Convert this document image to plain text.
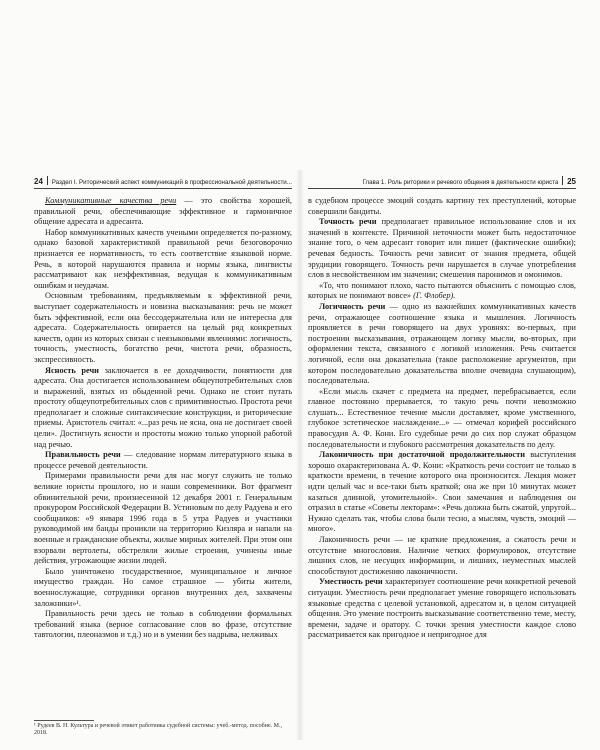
24 Раздел I. Риторический аспект коммуникаций в профессиональной деятельности...	Глава 1. Роль риторики и речевого общения в деятельности юриста 25

Коммуникативные качества речи — это свойства хорошей, правильной речи, обеспечивающие эффективное и гармоничное общение адресата и адресанта.

Набор коммуникативных качеств учеными определяется по-разному, однако базовой характеристикой правильной речи безоговорочно признается ее нормативность, то есть соответствие языковой норме. Речь, в которой нарушаются правила и нормы языка, лингвисты рассматривают как неэффективная, ведущая к коммуникативным ошибкам и неудачам.

Основным требованиям, предъявляемым к эффективной речи, выступает содержательность и новизна высказывания: речь не может быть эффективной, если она бессодержательна или не интересна для адресата. Содержательность опирается на целый ряд конкретных качеств, один из которых связан с неязыковыми явлениями: логичность, точность, уместность, богатство речи, чистота речи, образность, экспрессивность.

Ясность речи заключается в ее доходчивости, понятности для адресата. Она достигается использованием общеупотребительных слов и выражений, взятых из обыденной речи. Однако не стоит путать простоту общеупотребительных слов с примитивностью. Простота речи предполагает и сложные синтаксические конструкции, и риторические приемы. Аристотель считал: «...раз речь не ясна, она не достигает своей цели». Достигнуть ясности и простоты можно только упорной работой над речью.

Правильность речи — следование нормам литературного языка в процессе речевой деятельности.

Примерами правильности речи для нас могут служить не только великие юристы прошлого, но и наши современники. Вот фрагмент обвинительной речи, произнесенной 12 декабря 2001 г. Генеральным прокурором Российской Федерации В. Устиновым по делу Радуева и его сообщников: «9 января 1996 года в 5 утра Радуев и участники руководимой им банды проникли на территорию Кизляра и напали на военные и гражданские объекты, жилые мирных жителей. При этом они взорвали вертолеты, обстреляли жилые строения, учинены иные действия, угрожающие жизни людей.

Было уничтожено государственное, муниципальное и личное имущество граждан. Но самое страшное — убиты жители, военнослужащие, сотрудники органов внутренних дел, захвачены заложники»¹.

Правильность речи здесь не только в соблюдении формальных требований языка (верное согласование слов во фразе, отсутствие тавтологии, плеоназмов и т.д.) но и в умении без надрыва, нелживых

¹ Рудеев В. Н. Культура и речевой этикет работника судебной системы: учеб.-метод. пособие. М., 2018.

в судебном процессе эмоций создать картину тех преступлений, которые совершили бандиты.

Точность речи предполагает правильное использование слов и их значений в контексте. Причиной неточности может быть недостаточное знание того, о чем адресант говорит или пишет (фактические ошибки); речевая бедность. Точность речи зависит от знания предмета, общей эрудиции говорящего. Точность речи нарушается в случае употребления слов в несвойственном им значении; смешения паронимов и омонимов.

«То, что понимают плохо, часто пытаются объяснить с помощью слов, которых не понимают вовсе» (Г. Флобер).

Логичность речи — одно из важнейших коммуникативных качеств речи, отражающее соотношение языка и мышления. Логичность проявляется в речи говорящего на двух уровнях: во-первых, при построении высказывания, отражающем логику мысли, во-вторых, при оформлении текста, связанного с логикой изложения. Речь считается логичной, если она доказательна (такое расположение аргументов, при котором последовательно доказательства вполне очевидна слушающим), последовательна.

«Если мысль скачет с предмета на предмет, перебрасывается, если главное постоянно прерывается, то такую речь почти невозможно слушать... Естественное течение мысли доставляет, кроме умственного, глубокое эстетическое наслаждение...» — отмечал корифей российского правосудия А. Ф. Кони. Его судебные речи до сих пор служат образцом последовательности и глубокого рассмотрения доказательств по делу.

Лаконичность при достаточной продолжительности выступления хорошо охарактеризована А. Ф. Кони: «Краткость речи состоит не только в краткости времени, в течение которого она произносится. Лекция может идти целый час и все-таки быть краткой; она же при 10 минутах может казаться длинной, утомительной». Свои замечания и наблюдения он отразил в статье «Советы лекторам»: «Речь должна быть сжатой, упругой... Нужно сделать так, чтобы слова были тесно, а мыслям, чувств, эмоций — много».

Лаконичность речи — не краткие предложения, а сжатость речи и отсутствие многословия. Наличие четких формулировок, отсутствие лишних слов, не несущих информации, и лишних, неуместных мыслей способствуют достижению лаконичности.

Уместность речи характеризует соотношение речи конкретной речевой ситуации. Уместность речи предполагает умение говорящего использовать языковые средства с целевой установкой, адресатом и, в целом ситуацией общения. Это умение построить высказывание соответственно теме, месту, времени, задаче и оратору. С точки зрения уместности каждое слово рассматривается как пригодное и непригодное для
